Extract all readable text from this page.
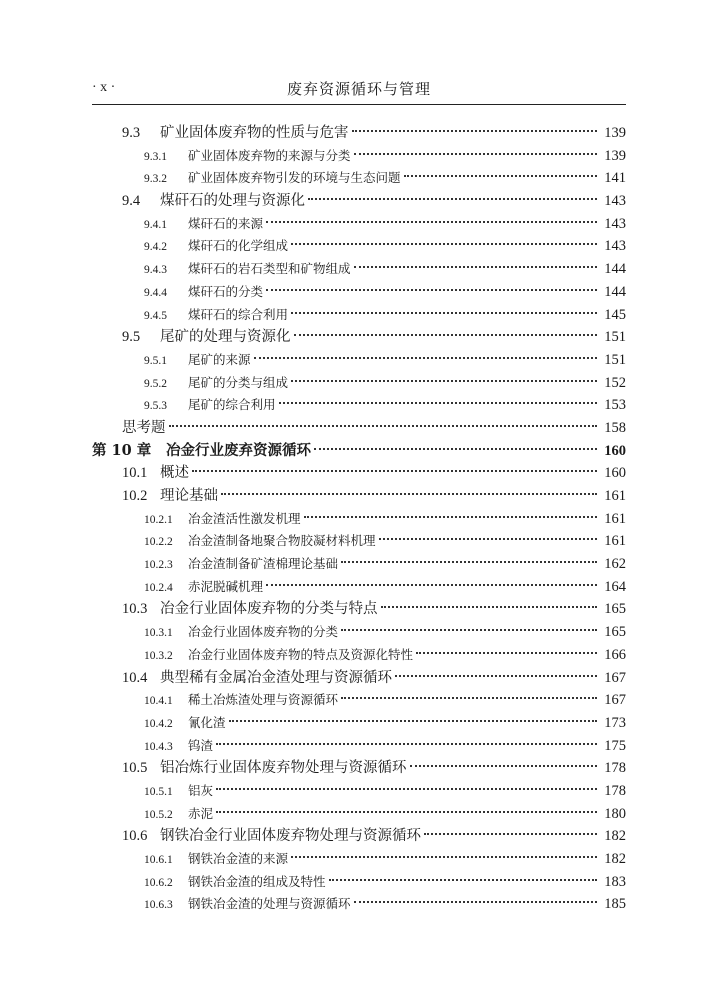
· x ·	废弃资源循环与管理
9.3	矿业固体废弃物的性质与危害	139
9.3.1	矿业固体废弃物的来源与分类	139
9.3.2	矿业固体废弃物引发的环境与生态问题	141
9.4	煤矸石的处理与资源化	143
9.4.1	煤矸石的来源	143
9.4.2	煤矸石的化学组成	143
9.4.3	煤矸石的岩石类型和矿物组成	144
9.4.4	煤矸石的分类	144
9.4.5	煤矸石的综合利用	145
9.5	尾矿的处理与资源化	151
9.5.1	尾矿的来源	151
9.5.2	尾矿的分类与组成	152
9.5.3	尾矿的综合利用	153
思考题	158
第 10 章	冶金行业废弃资源循环	160
10.1 概述	160
10.2 理论基础	161
10.2.1	冶金渣活性激发机理	161
10.2.2	冶金渣制备地聚合物胶凝材料机理	161
10.2.3	冶金渣制备矿渣棉理论基础	162
10.2.4	赤泥脱碱机理	164
10.3 冶金行业固体废弃物的分类与特点	165
10.3.1	冶金行业固体废弃物的分类	165
10.3.2	冶金行业固体废弃物的特点及资源化特性	166
10.4 典型稀有金属冶金渣处理与资源循环	167
10.4.1	稀土冶炼渣处理与资源循环	167
10.4.2	氰化渣	173
10.4.3	钨渣	175
10.5 铝冶炼行业固体废弃物处理与资源循环	178
10.5.1	铝灰	178
10.5.2	赤泥	180
10.6 钢铁冶金行业固体废弃物处理与资源循环	182
10.6.1	钢铁冶金渣的来源	182
10.6.2	钢铁冶金渣的组成及特性	183
10.6.3	钢铁冶金渣的处理与资源循环	185
